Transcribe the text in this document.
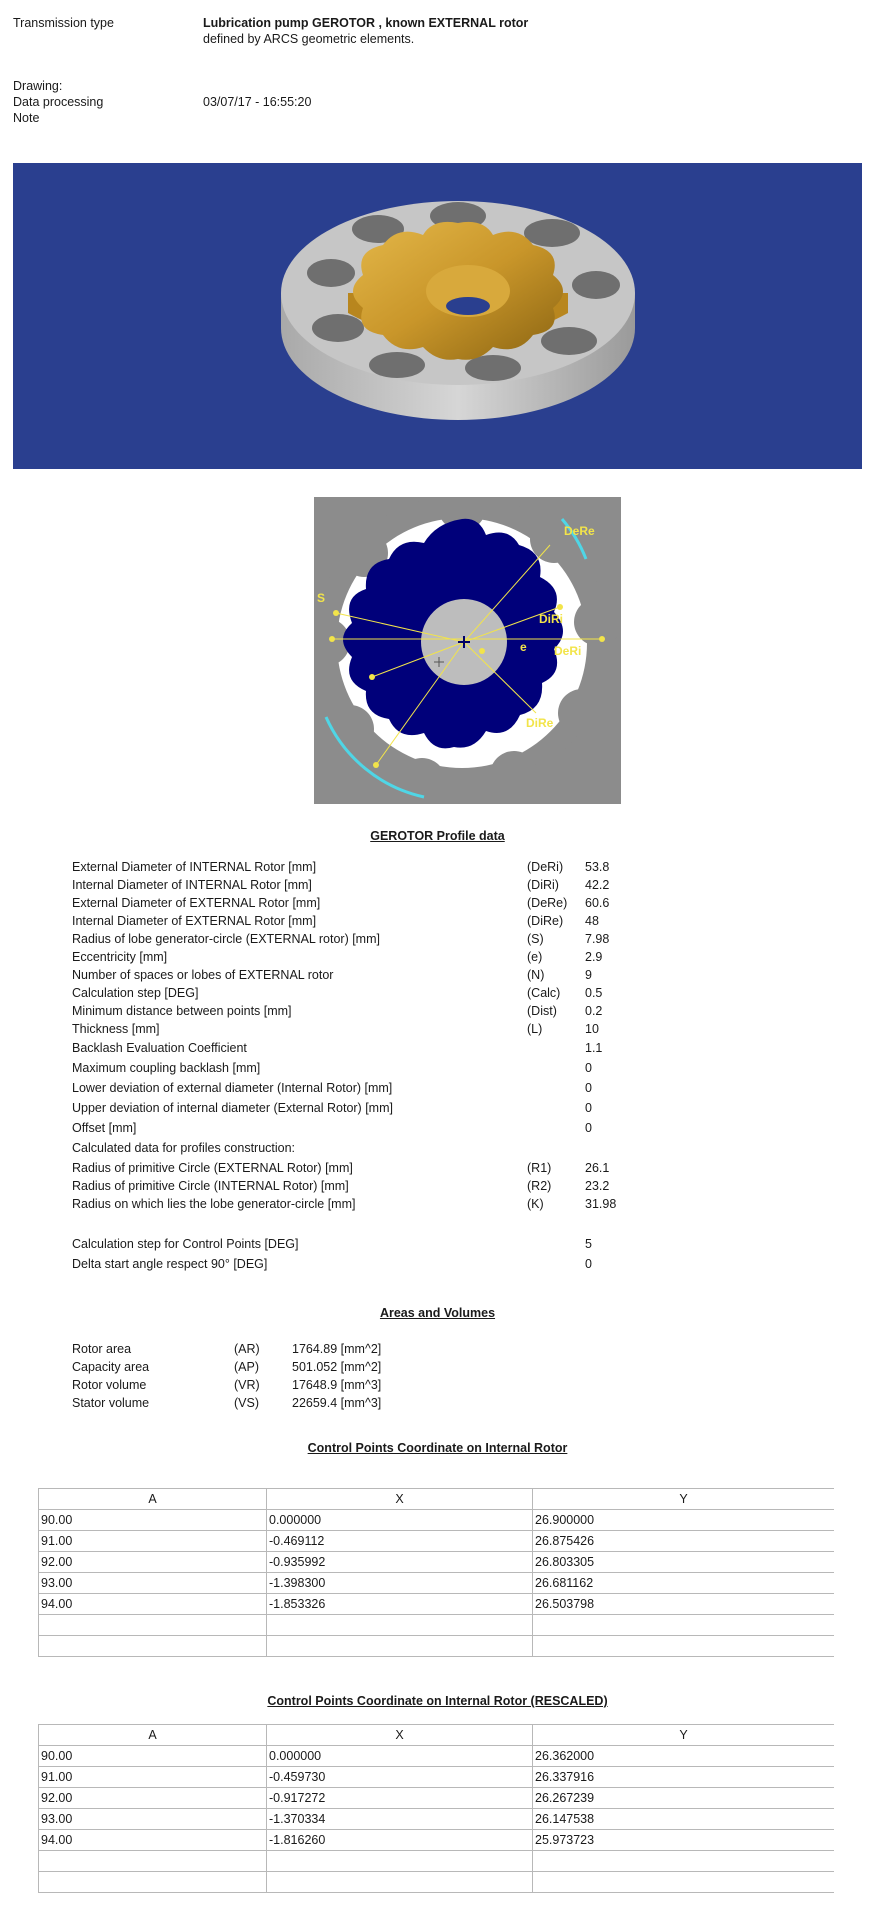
Transmission type	Lubrication pump GEROTOR , known EXTERNAL rotor
defined by ARCS geometric elements.
Drawing:
Data processing	03/07/17 - 16:55:20
Note
DeRe
DiRi
DeRi
DiRe
S
e
GEROTOR Profile data
External Diameter of INTERNAL Rotor [mm]	(DeRi) 53.8
Internal Diameter of INTERNAL Rotor [mm]	(DiRi) 42.2
External Diameter of EXTERNAL Rotor [mm]	(DeRe) 60.6
Internal Diameter of EXTERNAL Rotor [mm]	(DiRe) 48
Radius of lobe generator-circle (EXTERNAL rotor) [mm]	(S)	7.98
Eccentricity [mm]	(e)	2.9
Number of spaces or lobes of EXTERNAL rotor	(N)	9
Calculation step [DEG]	(Calc) 0.5
Minimum distance between points [mm]	(Dist) 0.2
Thickness [mm]	(L)	10
Backlash Evaluation Coefficient	1.1
Maximum coupling backlash [mm]	0
Lower deviation of external diameter (Internal Rotor) [mm]	0
Upper deviation of internal diameter (External Rotor) [mm]	0
Offset [mm]	0
Calculated data for profiles construction:
Radius of primitive Circle (EXTERNAL Rotor) [mm]	(R1)	26.1
Radius of primitive Circle (INTERNAL Rotor) [mm]	(R2)	23.2
Radius on which lies the lobe generator-circle [mm]	(K)	31.98
Calculation step for Control Points [DEG]	5
Delta start angle respect 90° [DEG]	0
Areas and Volumes
Rotor area	(AR)	1764.89 [mm^2]
Capacity area	(AP)	501.052 [mm^2]
Rotor volume	(VR)	17648.9 [mm^3]
Stator volume	(VS)	22659.4 [mm^3]
Control Points Coordinate on Internal Rotor
A	X	Y
90.00	0.000000	26.900000
91.00	-0.469112	26.875426
92.00	-0.935992	26.803305
93.00	-1.398300	26.681162
94.00	-1.853326	26.503798

Control Points Coordinate on Internal Rotor (RESCALED)
A	X	Y
90.00	0.000000	26.362000
91.00	-0.459730	26.337916
92.00	-0.917272	26.267239
93.00	-1.370334	26.147538
94.00	-1.816260	25.973723
